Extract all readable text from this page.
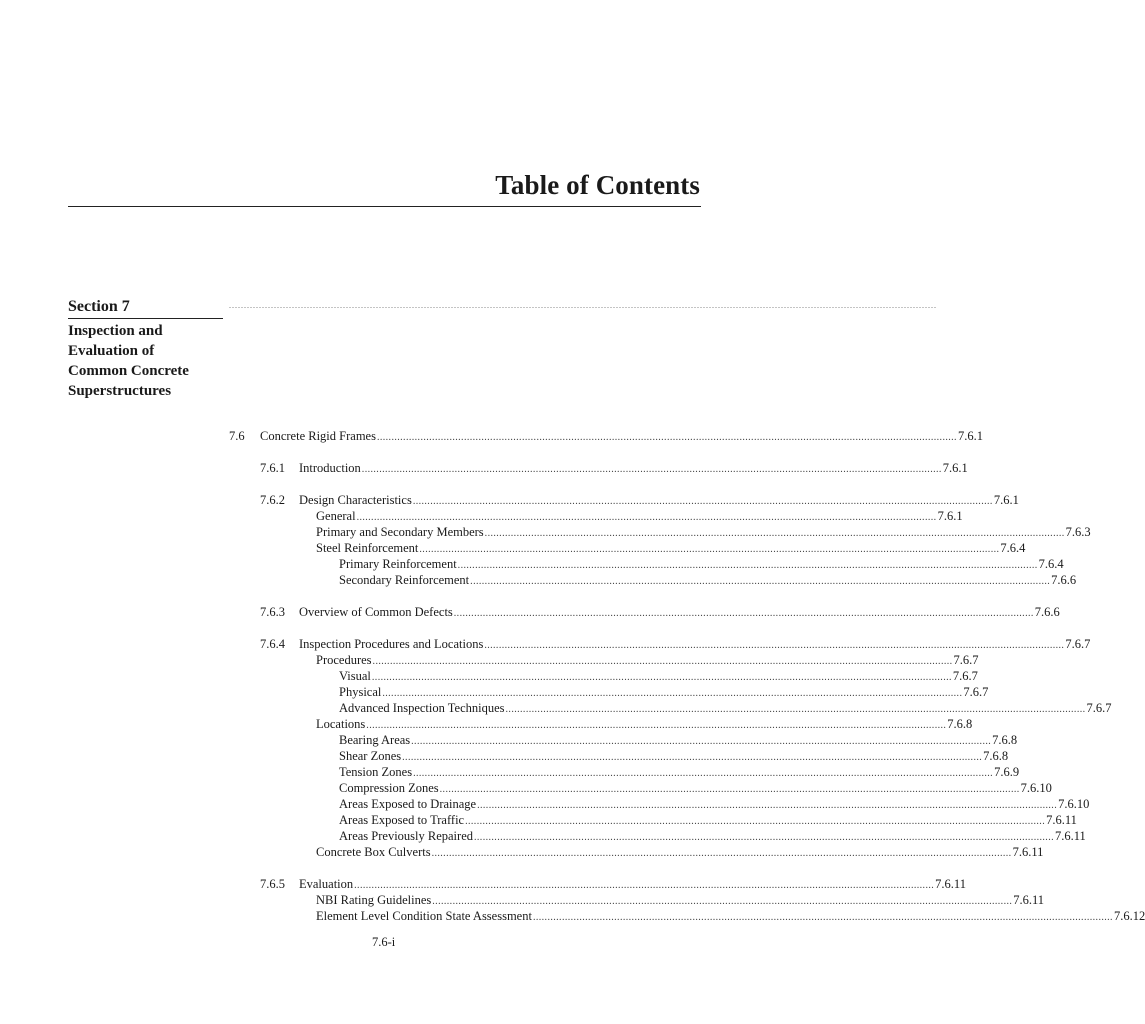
Table of Contents
Section 7
Inspection and
Evaluation of
Common Concrete
Superstructures
............................................................................................................................................................................................................................................
7.6	Concrete Rigid Frames .....	7.6.1
7.6.1	Introduction .....	7.6.1
7.6.2	Design Characteristics .....	7.6.1
General .....	7.6.1
Primary and Secondary Members .....	7.6.3
Steel Reinforcement .....	7.6.4
Primary Reinforcement .....	7.6.4
Secondary Reinforcement .....	7.6.6
7.6.3	Overview of Common Defects .....	7.6.6
7.6.4	Inspection Procedures and Locations .....	7.6.7
Procedures .....	7.6.7
Visual .....	7.6.7
Physical .....	7.6.7
Advanced Inspection Techniques .....	7.6.7
Locations .....	7.6.8
Bearing Areas .....	7.6.8
Shear Zones .....	7.6.8
Tension Zones .....	7.6.9
Compression Zones .....	7.6.10
Areas Exposed to Drainage .....	7.6.10
Areas Exposed to Traffic .....	7.6.11
Areas Previously Repaired .....	7.6.11
Concrete Box Culverts .....	7.6.11
7.6.5	Evaluation .....	7.6.11
NBI Rating Guidelines .....	7.6.11
Element Level Condition State Assessment .....	7.6.12
7.6-i
